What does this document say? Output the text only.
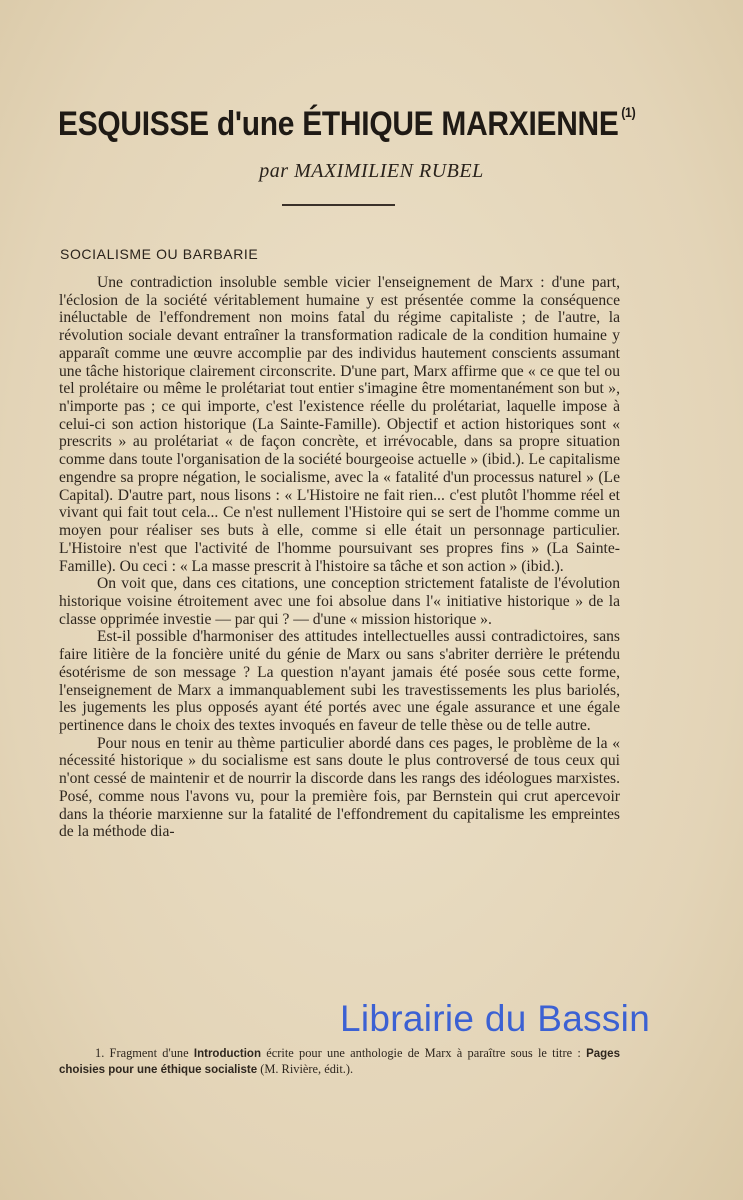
ESQUISSE d'une ÉTHIQUE MARXIENNE $^{(1)}$
par MAXIMILIEN RUBEL
SOCIALISME OU BARBARIE

Une contradiction insoluble semble vicier l'enseignement de Marx : d'une part, l'éclosion de la société véritablement humaine y est présentée comme la conséquence inéluctable de l'effondrement non moins fatal du régime capitaliste ; de l'autre, la révolution sociale devant entraîner la transformation radicale de la condition humaine y apparaît comme une œuvre accomplie par des individus hautement conscients assumant une tâche historique clairement circonscrite. D'une part, Marx affirme que « ce que tel ou tel prolétaire ou même le prolétariat tout entier s'imagine être momentanément son but », n'importe pas ; ce qui importe, c'est l'existence réelle du prolétariat, laquelle impose à celui-ci son action historique (La Sainte-Famille). Objectif et action historiques sont « prescrits » au prolétariat « de façon concrète, et irrévocable, dans sa propre situation comme dans toute l'organisation de la société bourgeoise actuelle » (ibid.). Le capitalisme engendre sa propre négation, le socialisme, avec la « fatalité d'un processus naturel » (Le Capital). D'autre part, nous lisons : « L'Histoire ne fait rien... c'est plutôt l'homme réel et vivant qui fait tout cela... Ce n'est nullement l'Histoire qui se sert de l'homme comme un moyen pour réaliser ses buts à elle, comme si elle était un personnage particulier. L'Histoire n'est que l'activité de l'homme poursuivant ses propres fins » (La Sainte-Famille). Ou ceci : « La masse prescrit à l'histoire sa tâche et son action » (ibid.).

On voit que, dans ces citations, une conception strictement fataliste de l'évolution historique voisine étroitement avec une foi absolue dans l'« initiative historique » de la classe opprimée investie — par qui ? — d'une « mission historique ».

Est-il possible d'harmoniser des attitudes intellectuelles aussi contradictoires, sans faire litière de la foncière unité du génie de Marx ou sans s'abriter derrière le prétendu ésotérisme de son message ? La question n'ayant jamais été posée sous cette forme, l'enseignement de Marx a immanquablement subi les travestissements les plus bariolés, les jugements les plus opposés ayant été portés avec une égale assurance et une égale pertinence dans le choix des textes invoqués en faveur de telle thèse ou de telle autre.

Pour nous en tenir au thème particulier abordé dans ces pages, le problème de la « nécessité historique » du socialisme est sans doute le plus controversé de tous ceux qui n'ont cessé de maintenir et de nourrir la discorde dans les rangs des idéologues marxistes. Posé, comme nous l'avons vu, pour la première fois, par Bernstein qui crut apercevoir dans la théorie marxienne sur la fatalité de l'effondrement du capitalisme les empreintes de la méthode dia-

1. Fragment d'une Introduction écrite pour une anthologie de Marx à paraître sous le titre : Pages choisies pour une éthique socialiste (M. Rivière, édit.).
Librairie du Bassin
